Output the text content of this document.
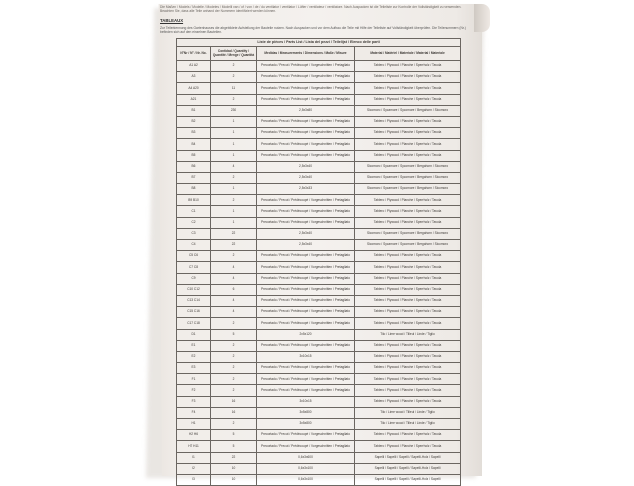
Die Maßen / Models / Modelle / Modeles / Modelli van / of / von / de / du ventilator / ventilator / Lüfter / ventilateur / ventilatore. Nach Auspacken ist die Teileliste zur Kontrolle der Vollständigkeit zu verwenden. Beachten Sie, dass alle Teile anhand der Nummern identifiziert werden können.
TABLEAUX
Zur Teilerkennung des Gartenhauses die abgebildete Aufstellung der Bauteile nutzen. Nach Auspacken und vor dem Aufbau die Teile mit Hilfe der Teileliste auf Vollständigkeit überprüfen. Die Teilenummern (Nr.) befinden sich auf den einzelnen Bauteilen.
Liste de pièces / Parts List / Lista del pezzi / Teilelijst / Elenco delle parti			
N°Nr / N° / Nr. No.	Contidad / Quantity / Quantité / Menge / Quantità	Medidas / Measurements / Dimensions / Maße / Misure	Material / Matériel / Materiale / Material / Materiale
A1 A2	2	Precortado / Precut / Prédécoupé / Vorgeschnitten / Pretagliato	Tablero / Plywood / Planche / Sperrholz / Tavola
A3	2	Precortado / Precut / Prédécoupé / Vorgeschnitten / Pretagliato	Tablero / Plywood / Planche / Sperrholz / Tavola
A4 A20	11	Precortado / Precut / Prédécoupé / Vorgeschnitten / Pretagliato	Tablero / Plywood / Planche / Sperrholz / Tavola
A21	2	Precortado / Precut / Prédécoupé / Vorgeschnitten / Pretagliato	Tablero / Plywood / Planche / Sperrholz / Tavola
B1	230	2,5x3x80	Sicomoro / Sycamore / Sycomore / Bergahorn / Sicomoro
B2	1	Precortado / Precut / Prédécoupé / Vorgeschnitten / Pretagliato	Tablero / Plywood / Planche / Sperrholz / Tavola
B3	1	Precortado / Precut / Prédécoupé / Vorgeschnitten / Pretagliato	Tablero / Plywood / Planche / Sperrholz / Tavola
B4	1	Precortado / Precut / Prédécoupé / Vorgeschnitten / Pretagliato	Tablero / Plywood / Planche / Sperrholz / Tavola
B5	1	Precortado / Precut / Prédécoupé / Vorgeschnitten / Pretagliato	Tablero / Plywood / Planche / Sperrholz / Tavola
B6	4	2,5x3x40	Sicomoro / Sycamore / Sycomore / Bergahorn / Sicomoro
B7	2	2,5x3x40	Sicomoro / Sycamore / Sycomore / Bergahorn / Sicomoro
B8	1	2,5x3x33	Sicomoro / Sycamore / Sycomore / Bergahorn / Sicomoro
B9 B10	2	Precortado / Precut / Prédécoupé / Vorgeschnitten / Pretagliato	Tablero / Plywood / Planche / Sperrholz / Tavola
C1	1	Precortado / Precut / Prédécoupé / Vorgeschnitten / Pretagliato	Tablero / Plywood / Planche / Sperrholz / Tavola
C2	1	Precortado / Precut / Prédécoupé / Vorgeschnitten / Pretagliato	Tablero / Plywood / Planche / Sperrholz / Tavola
C3	22	2,5x3x40	Sicomoro / Sycamore / Sycomore / Bergahorn / Sicomoro
C4	22	2,5x3x40	Sicomoro / Sycamore / Sycomore / Bergahorn / Sicomoro
C5 C6	2	Precortado / Precut / Prédécoupé / Vorgeschnitten / Pretagliato	Tablero / Plywood / Planche / Sperrholz / Tavola
C7 C8	4	Precortado / Precut / Prédécoupé / Vorgeschnitten / Pretagliato	Tablero / Plywood / Planche / Sperrholz / Tavola
C9	4	Precortado / Precut / Prédécoupé / Vorgeschnitten / Pretagliato	Tablero / Plywood / Planche / Sperrholz / Tavola
C10 C12	6	Precortado / Precut / Prédécoupé / Vorgeschnitten / Pretagliato	Tablero / Plywood / Planche / Sperrholz / Tavola
C13 C14	4	Precortado / Precut / Prédécoupé / Vorgeschnitten / Pretagliato	Tablero / Plywood / Planche / Sperrholz / Tavola
C15 C16	4	Precortado / Precut / Prédécoupé / Vorgeschnitten / Pretagliato	Tablero / Plywood / Planche / Sperrholz / Tavola
C17 C18	2	Precortado / Precut / Prédécoupé / Vorgeschnitten / Pretagliato	Tablero / Plywood / Planche / Sperrholz / Tavola
D1	5	2x5x120	Tilo / Lime wood / Tilleul / Linde / Tiglio
E1	2	Precortado / Precut / Prédécoupé / Vorgeschnitten / Pretagliato	Tablero / Plywood / Planche / Sperrholz / Tavola
E2	2	3x10x15	Tablero / Plywood / Planche / Sperrholz / Tavola
E3	2	Precortado / Precut / Prédécoupé / Vorgeschnitten / Pretagliato	Tablero / Plywood / Planche / Sperrholz / Tavola
F1	2	Precortado / Precut / Prédécoupé / Vorgeschnitten / Pretagliato	Tablero / Plywood / Planche / Sperrholz / Tavola
F2	2	Precortado / Precut / Prédécoupé / Vorgeschnitten / Pretagliato	Tablero / Plywood / Planche / Sperrholz / Tavola
F3	16	3x10x15	Tablero / Plywood / Planche / Sperrholz / Tavola
F4	16	3x5x800	Tilo / Lime wood / Tilleul / Linde / Tiglio
H1	2	3x5x800	Tilo / Lime wood / Tilleul / Linde / Tiglio
H2 H6	5	Precortado / Precut / Prédécoupé / Vorgeschnitten / Pretagliato	Tablero / Plywood / Planche / Sperrholz / Tavola
H7 H11	5	Precortado / Precut / Prédécoupé / Vorgeschnitten / Pretagliato	Tablero / Plywood / Planche / Sperrholz / Tavola
I1	22	0,6x3x600	Sapelli / Sapelli / Sapelli / Sapelli-Holz / Sapelli
I2	10	0,6x3x100	Sapelli / Sapelli / Sapelli / Sapelli-Holz / Sapelli
I3	10	0,6x3x100	Sapelli / Sapelli / Sapelli / Sapelli-Holz / Sapelli
